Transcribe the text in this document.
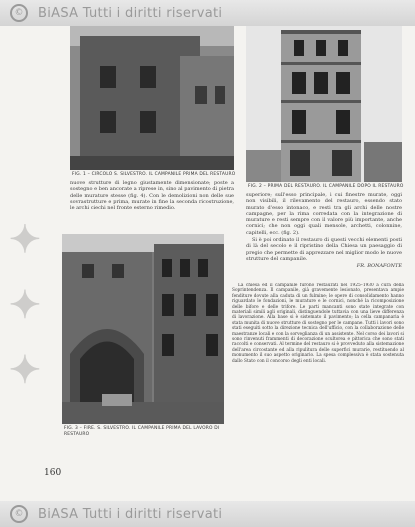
✦ ✦ ✦
FIG. 1 – CIRCOLO S. SILVESTRO. IL CAMPANILE PRIMA DEL RESTAURO
FIG. 2 – PRIMA DEL RESTAURO. IL CAMPANILE DOPO IL RESTAURO

nuove strutture di legno giustamente dimensionate; poste a sostegno e ben ancorate a riprese in, sino al pavimento di pietra delle murature stesse (fig. 4). Con le demolizioni non delle sue sovrastrutture e prima, murate in fine la seconda ricostruzione, le archi ciechi nel fronte esterno rimedio.

FIG. 3 – FIRE. S. SILVESTRO. IL CAMPANILE PRIMA DEL LAVORO DI RESTAURO

superiore; sull'esso principale, i cui finestre murate, oggi non visibili, il rilevamento del restauro, essendo stato murato d'esso intonaco, e resti tra gli archi delle nostre campagne, per la rima corredata con la integrazione di murature e resti sempre con il valore più importante, anche cornici; che non oggi quali mensole, archetti, colonnine, capitelli, ecc. (fig. 2).

Si è poi ordinato il restauro di questi vecchi elementi posti di là del secolo e il ripristino della Chiesa un paesaggio di pregio che permette di apprezzare nel miglior modo le nuove strutture del campanile.

FR. BONAFONTE

La chiesa ed il campanile furono restaurati nel 1925–1930 a cura della Soprintendenza. Il campanile, già gravemente lesionato, presentava ampie fenditure dovute alla caduta di un fulmine; le opere di consolidamento hanno riguardato le fondazioni, le murature e le cornici, nonché la ricomposizione delle bifore e delle trifore. Le parti mancanti sono state integrate con materiali simili agli originali, distinguendole tuttavia con una lieve differenza di lavorazione. Alla base si è sistemato il pavimento; la cella campanaria è stata munita di nuove strutture di sostegno per le campane. Tutti i lavori sono stati eseguiti sotto la direzione tecnica dell'ufficio, con la collaborazione delle maestranze locali e con la sorveglianza di un assistente. Nel corso dei lavori si sono rinvenuti frammenti di decorazione scultorea e pittorica che sono stati raccolti e conservati. Al termine del restauro si è provveduto alla sistemazione dell'area circostante ed alla ripulitura delle superfici murarie, restituendo al monumento il suo aspetto originario. La spesa complessiva è stata sostenuta dallo Stato con il concorso degli enti locali.

160
©	BiASA Tutti i diritti riservati
©	BiASA Tutti i diritti riservati
